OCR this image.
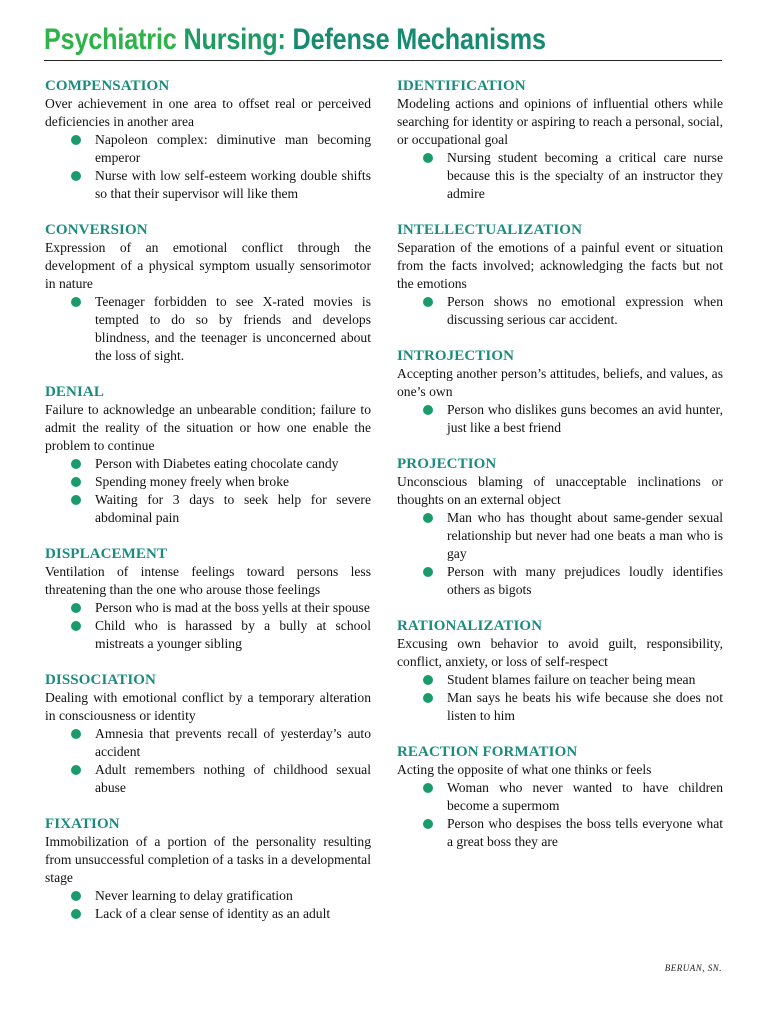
Psychiatric Nursing: Defense Mechanisms
COMPENSATION

Over achievement in one area to offset real or perceived deficiencies in another area

Napoleon complex: diminutive man becoming emperor
Nurse with low self-esteem working double shifts so that their supervisor will like them
CONVERSION

Expression of an emotional conflict through the development of a physical symptom usually sensorimotor in nature

Teenager forbidden to see X-rated movies is tempted to do so by friends and develops blindness, and the teenager is unconcerned about the loss of sight.
DENIAL

Failure to acknowledge an unbearable condition; failure to admit the reality of the situation or how one enable the problem to continue

Person with Diabetes eating chocolate candy
Spending money freely when broke
Waiting for 3 days to seek help for severe abdominal pain
DISPLACEMENT

Ventilation of intense feelings toward persons less threatening than the one who arouse those feelings

Person who is mad at the boss yells at their spouse
Child who is harassed by a bully at school mistreats a younger sibling
DISSOCIATION

Dealing with emotional conflict by a temporary alteration in consciousness or identity

Amnesia that prevents recall of yesterday’s auto accident
Adult remembers nothing of childhood sexual abuse
FIXATION

Immobilization of a portion of the personality resulting from unsuccessful completion of a tasks in a developmental stage

Never learning to delay gratification
Lack of a clear sense of identity as an adult
IDENTIFICATION

Modeling actions and opinions of influential others while searching for identity or aspiring to reach a personal, social, or occupational goal

Nursing student becoming a critical care nurse because this is the specialty of an instructor they admire
INTELLECTUALIZATION

Separation of the emotions of a painful event or situation from the facts involved; acknowledging the facts but not the emotions

Person shows no emotional expression when discussing serious car accident.
INTROJECTION

Accepting another person’s attitudes, beliefs, and values, as one’s own

Person who dislikes guns becomes an avid hunter, just like a best friend
PROJECTION

Unconscious blaming of unacceptable inclinations or thoughts on an external object

Man who has thought about same-gender sexual relationship but never had one beats a man who is gay
Person with many prejudices loudly identifies others as bigots
RATIONALIZATION

Excusing own behavior to avoid guilt, responsibility, conflict, anxiety, or loss of self-respect

Student blames failure on teacher being mean
Man says he beats his wife because she does not listen to him
REACTION FORMATION

Acting the opposite of what one thinks or feels

Woman who never wanted to have children become a supermom
Person who despises the boss tells everyone what a great boss they are
BERUAN, SN.
